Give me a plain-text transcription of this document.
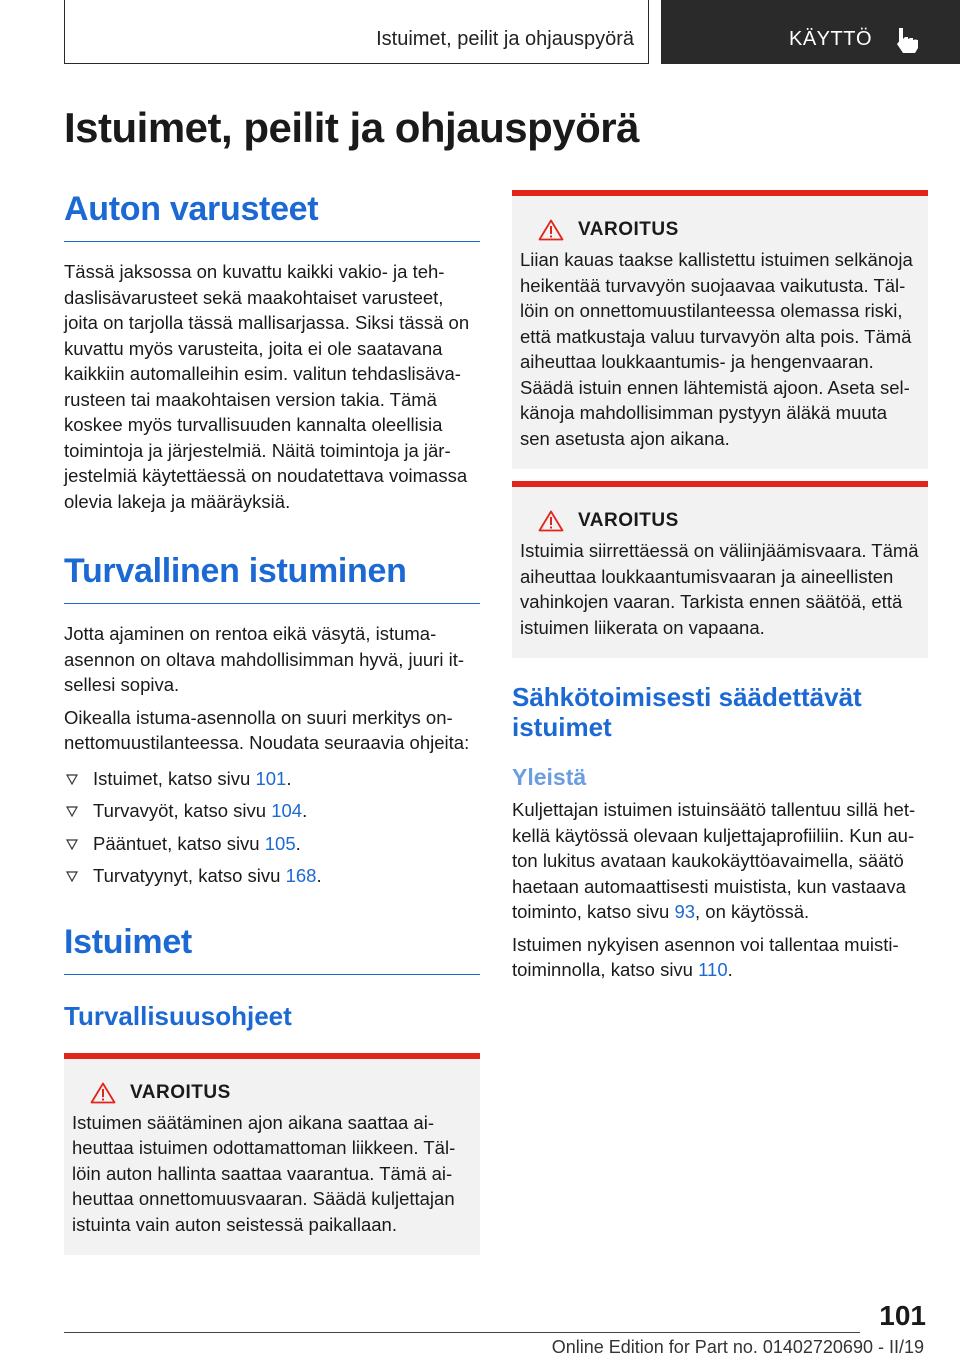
Istuimet, peilit ja ohjauspyörä	KÄYTTÖ
Istuimet, peilit ja ohjauspyörä
Auton varusteet

Tässä jaksossa on kuvattu kaikki vakio- ja tehdaslisävarusteet sekä maakohtaiset varusteet, joita on tarjolla tässä mallisarjassa. Siksi tässä on kuvattu myös varusteita, joita ei ole saatavana kaikkiin automalleihin esim. valitun tehdaslisävarusteen tai maakohtaisen version takia. Tämä koskee myös turvallisuuden kannalta oleellisia toimintoja ja järjestelmiä. Näitä toimintoja ja järjestelmiä käytettäessä on noudatettava voimassa olevia lakeja ja määräyksiä.

Turvallinen istuminen

Jotta ajaminen on rentoa eikä väsytä, istuma-asennon on oltava mahdollisimman hyvä, juuri itsellesi sopiva.

Oikealla istuma-asennolla on suuri merkitys onnettomuustilanteessa. Noudata seuraavia ohjeita:

Istuimet, katso sivu 101.
Turvavyöt, katso sivu 104.
Pääntuet, katso sivu 105.
Turvatyynyt, katso sivu 168.
Istuimet
Turvallisuusohjeet
VAROITUS

Istuimen säätäminen ajon aikana saattaa aiheuttaa istuimen odottamattoman liikkeen. Tällöin auton hallinta saattaa vaarantua. Tämä aiheuttaa onnettomuusvaaran. Säädä kuljettajan istuinta vain auton seistessä paikallaan.

VAROITUS

Liian kauas taakse kallistettu istuimen selkänoja heikentää turvavyön suojaavaa vaikutusta. Tällöin on onnettomuustilanteessa olemassa riski, että matkustaja valuu turvavyön alta pois. Tämä aiheuttaa loukkaantumis- ja hengenvaaran. Säädä istuin ennen lähtemistä ajoon. Aseta selkänoja mahdollisimman pystyyn äläkä muuta sen asetusta ajon aikana.

VAROITUS

Istuimia siirrettäessä on väliinjäämisvaara. Tämä aiheuttaa loukkaantumisvaaran ja aineellisten vahinkojen vaaran. Tarkista ennen säätöä, että istuimen liikerata on vapaana.

Sähkötoimisesti säädettävät istuimet
Yleistä

Kuljettajan istuimen istuinsäätö tallentuu sillä hetkellä käytössä olevaan kuljettajaprofiiliin. Kun auton lukitus avataan kaukokäyttöavaimella, säätö haetaan automaattisesti muistista, kun vastaava toiminto, katso sivu 93, on käytössä.

Istuimen nykyisen asennon voi tallentaa muistitoiminnolla, katso sivu 110.

101
Online Edition for Part no. 01402720690 - II/19
